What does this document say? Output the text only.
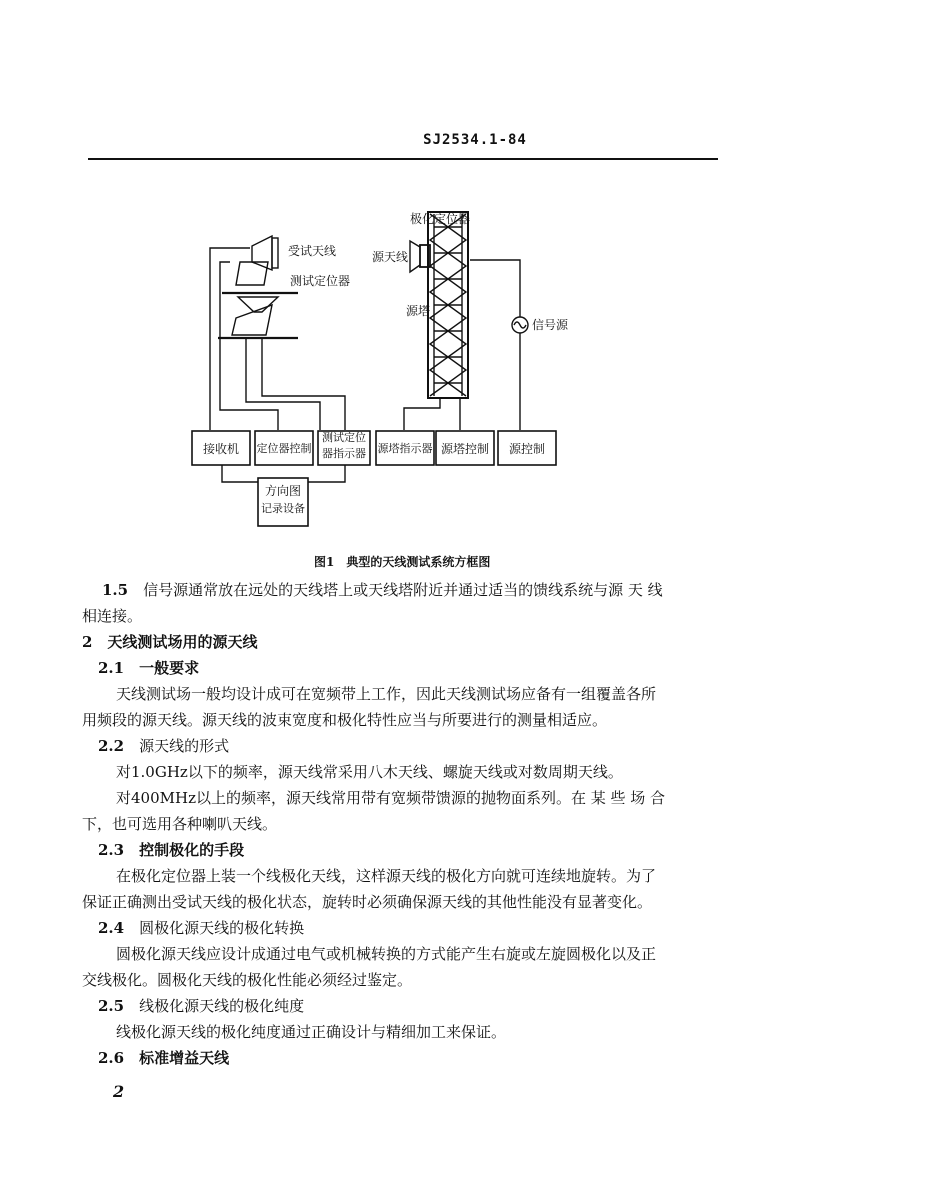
SJ2534.1-84
受试天线
测试定位器
极化定位器
源天线
源塔
信号源
接收机	定位器控制
测试定位
器指示器	源塔指示器 源塔控制	源控制
方向图
记录设备
图1　典型的天线测试系统方框图
1.5　 信号源通常放在远处的天线塔上或天线塔附近并通过适当的馈线系统与源 天 线
相连接。
2　天线测试场用的源天线
2.1　 一般要求
天线测试场一般均设计成可在宽频带上工作，因此天线测试场应备有一组覆盖各所
用频段的源天线。源天线的波束宽度和极化特性应当与所要进行的测量相适应。
2.2　 源天线的形式
对1.0GHz以下的频率，源天线常采用八木天线、螺旋天线或对数周期天线。
对400MHz以上的频率，源天线常用带有宽频带馈源的抛物面系列。在 某 些 场 合
下，也可选用各种喇叭天线。
2.3　 控制极化的手段
在极化定位器上装一个线极化天线，这样源天线的极化方向就可连续地旋转。为了
保证正确测出受试天线的极化状态，旋转时必须确保源天线的其他性能没有显著变化。
2.4　 圆极化源天线的极化转换
圆极化源天线应设计成通过电气或机械转换的方式能产生右旋或左旋圆极化以及正
交线极化。圆极化天线的极化性能必须经过鉴定。
2.5　 线极化源天线的极化纯度
线极化源天线的极化纯度通过正确设计与精细加工来保证。
2.6　 标准增益天线
2
